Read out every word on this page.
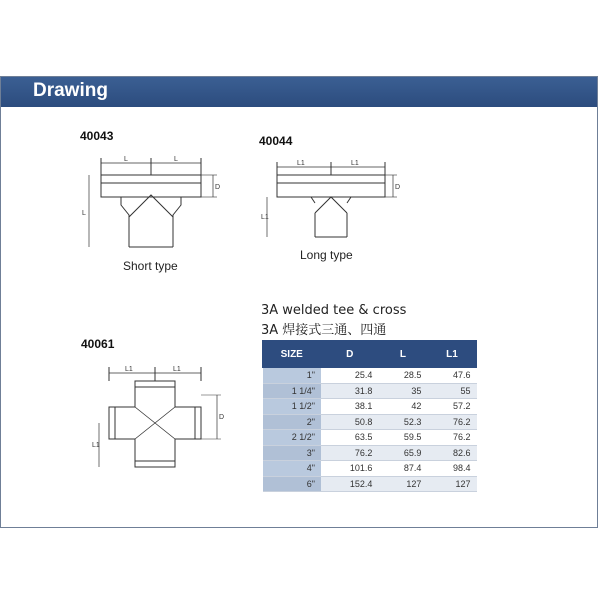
Drawing
40043
L	L
D
L
Short type
40044
L1	L1
D
L1
Long type
3A welded tee & cross
3A 焊接式三通、四通
40061
L1	L1
D
L1
SIZE	D	L	L1
1"	25.4	28.5	47.6
1 1/4"	31.8	35	55
1 1/2"	38.1	42	57.2
2"	50.8	52.3	76.2
2 1/2"	63.5	59.5	76.2
3"	76.2	65.9	82.6
4"	101.6	87.4	98.4
6"	152.4	127	127
